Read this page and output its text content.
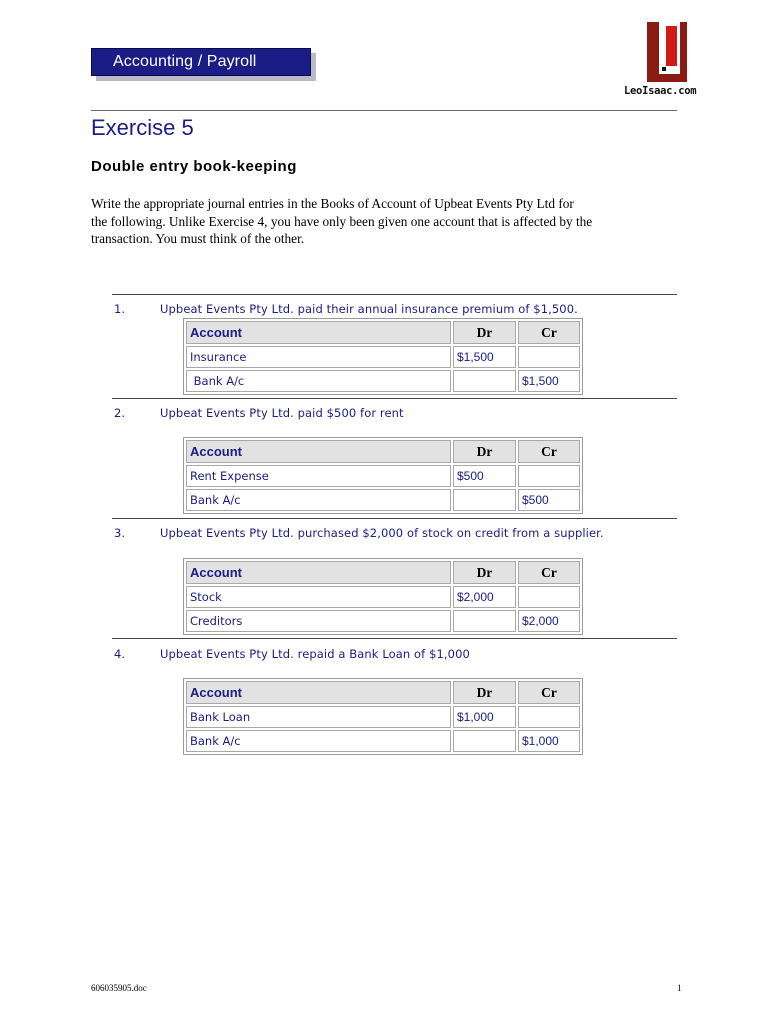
Accounting / Payroll
LeoIsaac.com
Exercise 5
Double entry book-keeping
Write the appropriate journal entries in the Books of Account of Upbeat Events Pty Ltd for
the following. Unlike Exercise 4, you have only been given one account that is affected by the
transaction. You must think of the other.
1.	Upbeat Events Pty Ltd. paid their annual insurance premium of $1,500.
Account	Dr	Cr
Insurance	$1,500	
Bank A/c		$1,500
2.	Upbeat Events Pty Ltd. paid $500 for rent
Account	Dr	Cr
Rent Expense	$500	
Bank A/c		$500
3.	Upbeat Events Pty Ltd. purchased $2,000 of stock on credit from a supplier.
Account	Dr	Cr
Stock	$2,000	
Creditors		$2,000
4.	Upbeat Events Pty Ltd. repaid a Bank Loan of $1,000
Account	Dr	Cr
Bank Loan	$1,000	
Bank A/c		$1,000
606035905.doc	1
